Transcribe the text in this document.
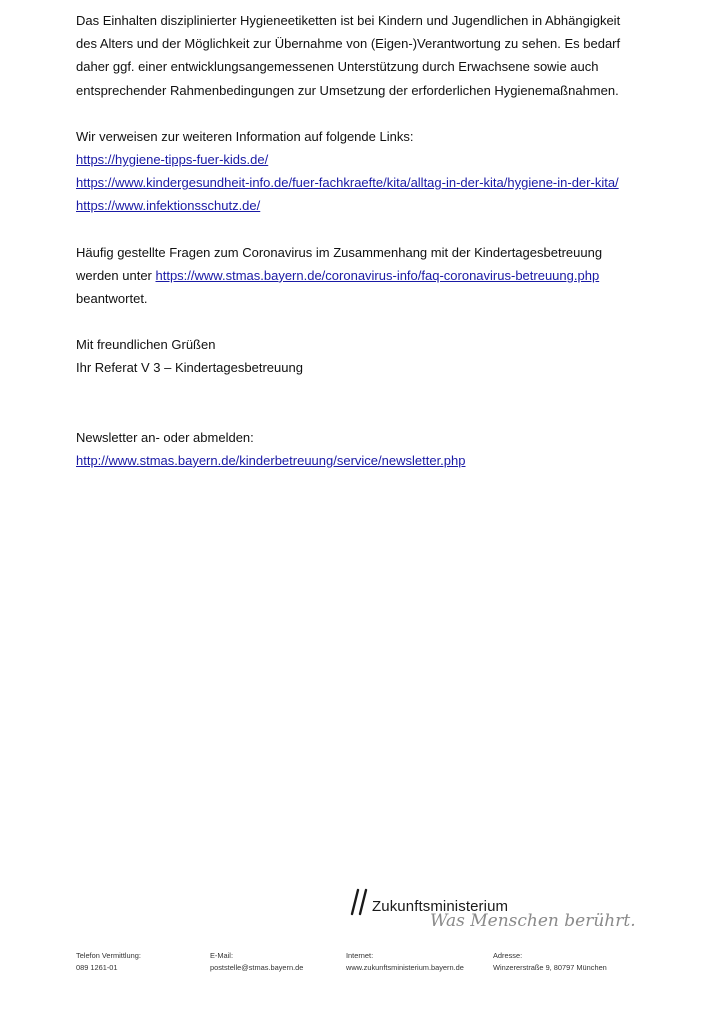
Das Einhalten disziplinierter Hygieneetiketten ist bei Kindern und Jugendlichen in Abhängigkeit des Alters und der Möglichkeit zur Übernahme von (Eigen-)Verantwortung zu sehen. Es bedarf daher ggf. einer entwicklungsangemessenen Unterstützung durch Erwachsene sowie auch entsprechender Rahmenbedingungen zur Umsetzung der erforderlichen Hygienemaßnahmen.

Wir verweisen zur weiteren Information auf folgende Links:

https://hygiene-tipps-fuer-kids.de/
https://www.kindergesundheit-info.de/fuer-fachkraefte/kita/alltag-in-der-kita/hygiene-in-der-kita/
https://www.infektionsschutz.de/

Häufig gestellte Fragen zum Coronavirus im Zusammenhang mit der Kindertagesbetreuung werden unter https://www.stmas.bayern.de/coronavirus-info/faq-coronavirus-betreuung.php beantwortet.

Mit freundlichen Grüßen

Ihr Referat V 3 – Kindertagesbetreuung

Newsletter an- oder abmelden:

http://www.stmas.bayern.de/kinderbetreuung/service/newsletter.php
Zukunftsministerium
Was Menschen berührt.
Telefon Vermittlung:
089 1261-01
E-Mail:
poststelle@stmas.bayern.de
Internet:
www.zukunftsministerium.bayern.de
Adresse:
Winzererstraße 9, 80797 München
